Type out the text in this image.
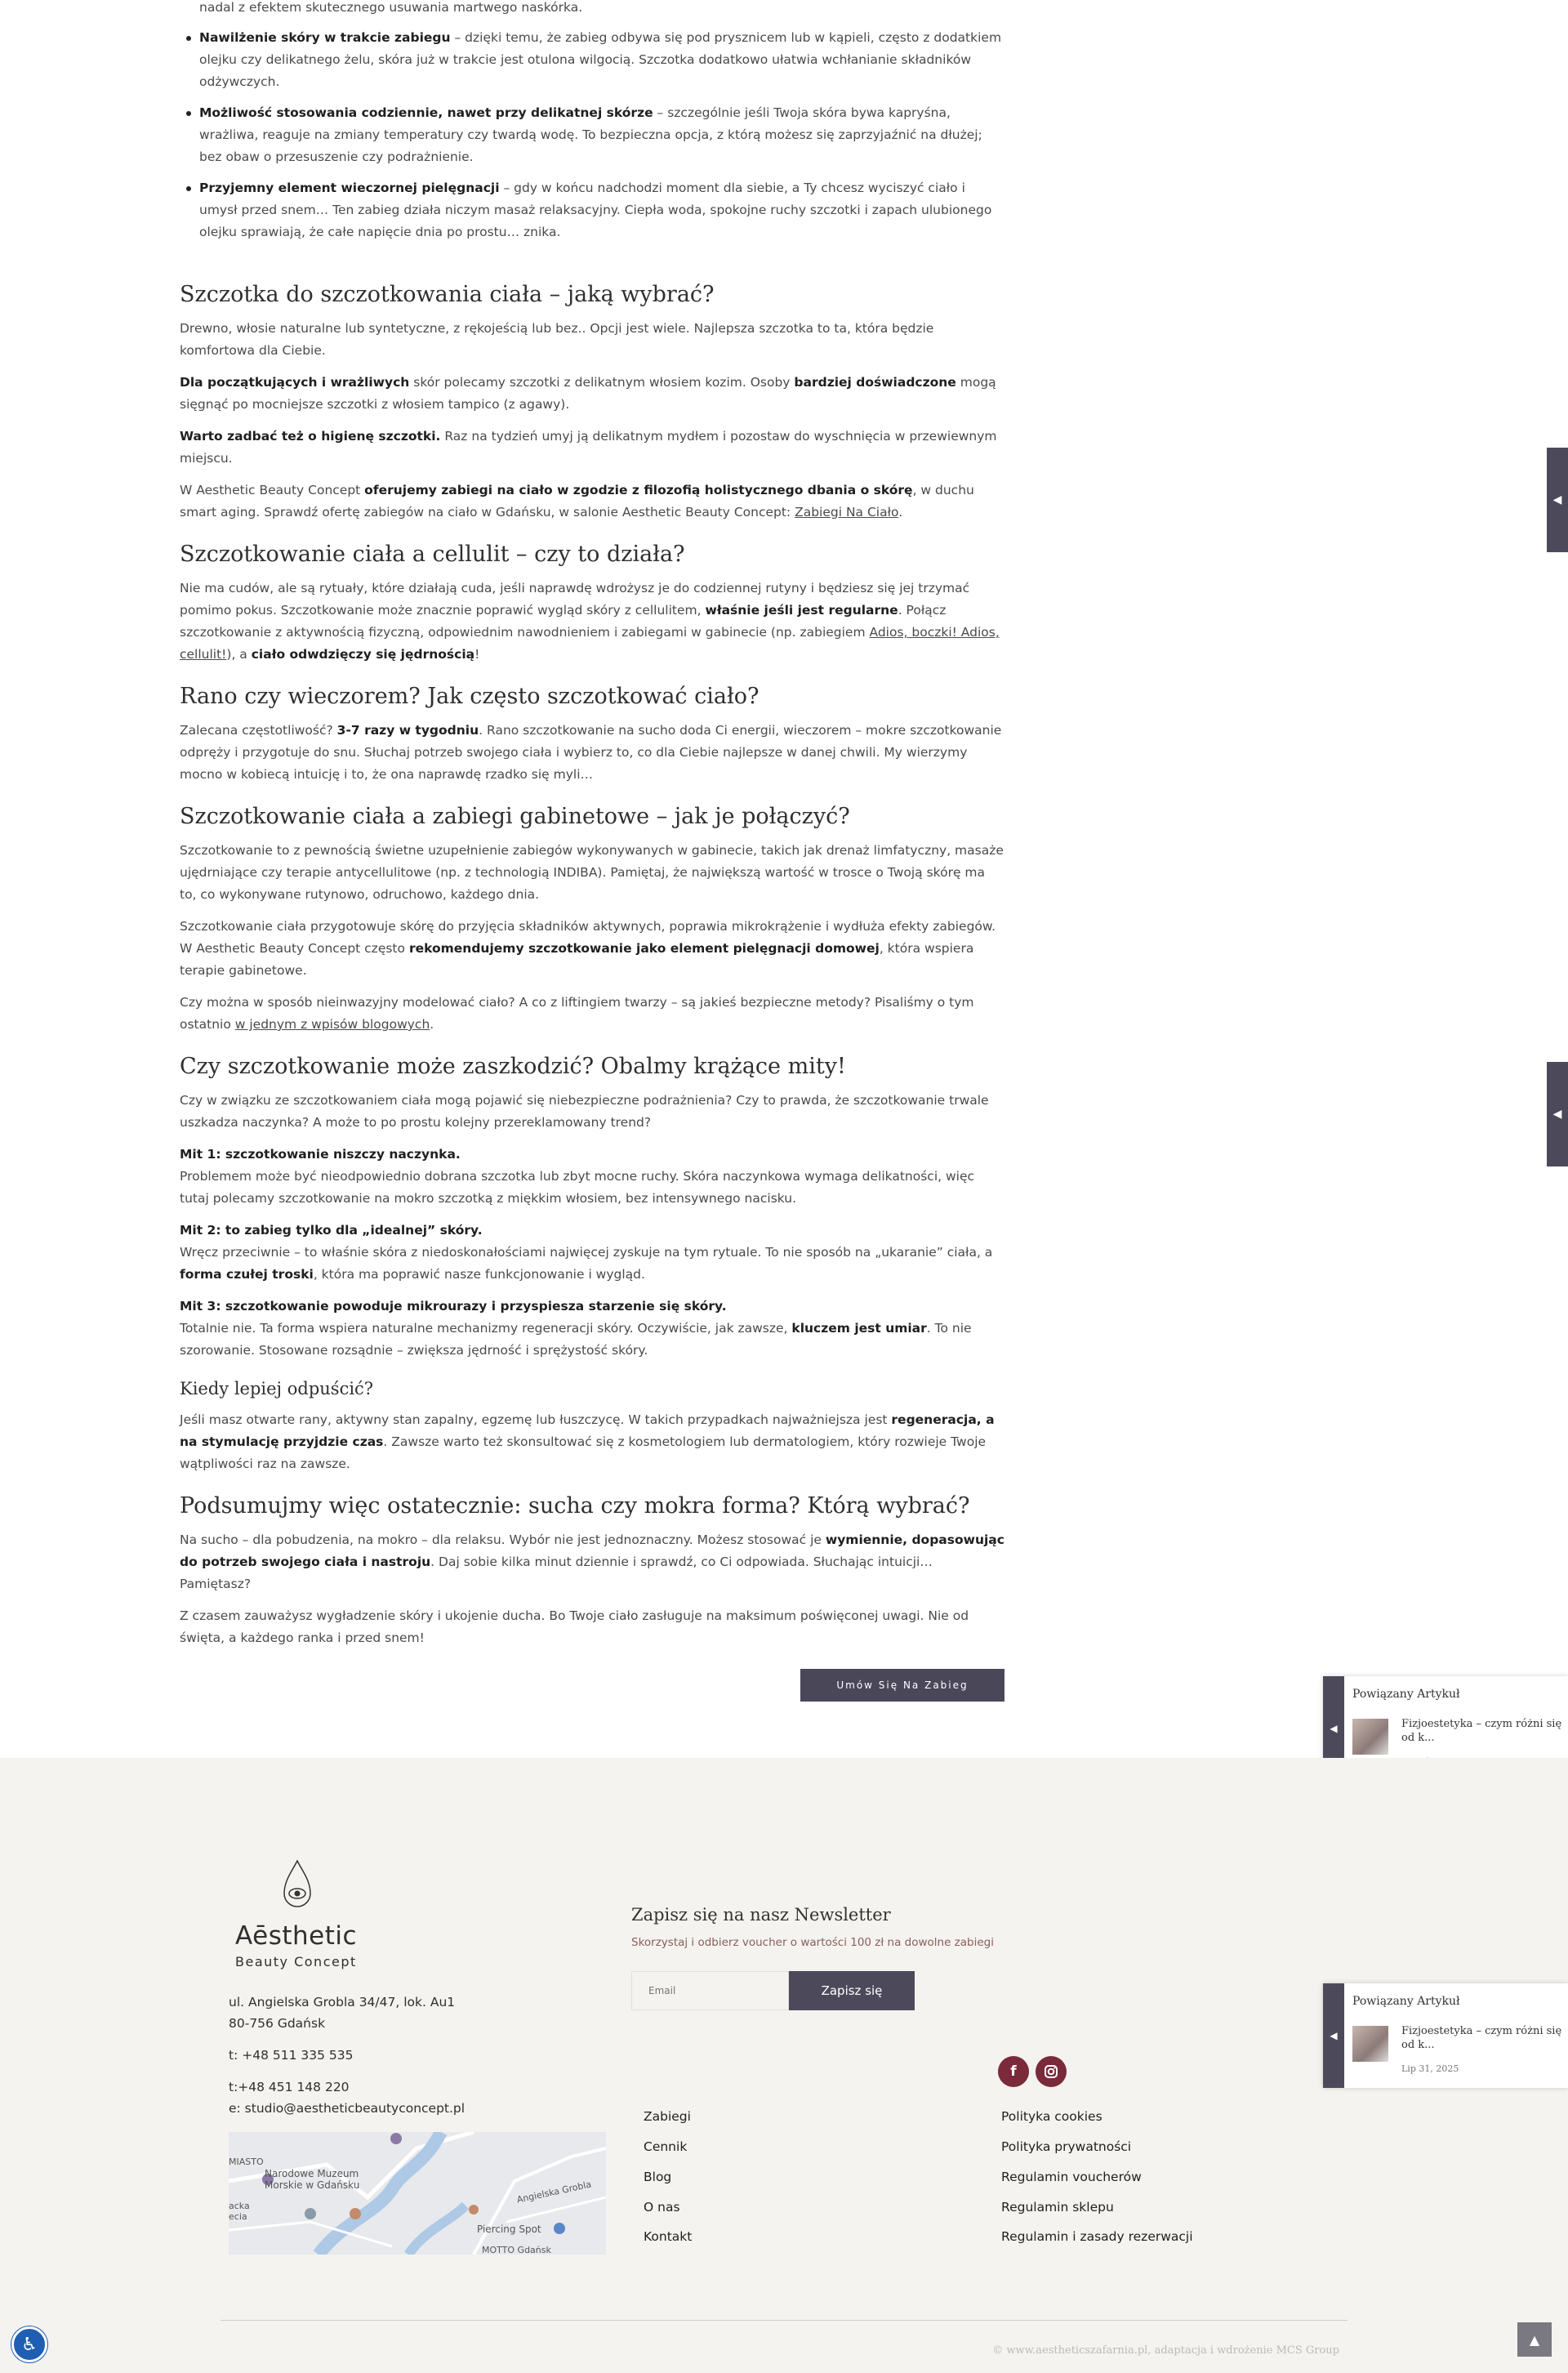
nadal z efektem skutecznego usuwania martwego naskórka.

Nawilżenie skóry w trakcie zabiegu – dzięki temu, że zabieg odbywa się pod prysznicem lub w kąpieli, często z dodatkiem olejku czy delikatnego żelu, skóra już w trakcie jest otulona wilgocią. Szczotka dodatkowo ułatwia wchłanianie składników odżywczych.
Możliwość stosowania codziennie, nawet przy delikatnej skórze – szczególnie jeśli Twoja skóra bywa kapryśna, wrażliwa, reaguje na zmiany temperatury czy twardą wodę. To bezpieczna opcja, z którą możesz się zaprzyjaźnić na dłużej; bez obaw o przesuszenie czy podrażnienie.
Przyjemny element wieczornej pielęgnacji – gdy w końcu nadchodzi moment dla siebie, a Ty chcesz wyciszyć ciało i umysł przed snem… Ten zabieg działa niczym masaż relaksacyjny. Ciepła woda, spokojne ruchy szczotki i zapach ulubionego olejku sprawiają, że całe napięcie dnia po prostu… znika.
Szczotka do szczotkowania ciała – jaką wybrać?

Drewno, włosie naturalne lub syntetyczne, z rękojeścią lub bez.. Opcji jest wiele. Najlepsza szczotka to ta, która będzie komfortowa dla Ciebie.

Dla początkujących i wrażliwych skór polecamy szczotki z delikatnym włosiem kozim. Osoby bardziej doświadczone mogą sięgnąć po mocniejsze szczotki z włosiem tampico (z agawy).

Warto zadbać też o higienę szczotki. Raz na tydzień umyj ją delikatnym mydłem i pozostaw do wyschnięcia w przewiewnym miejscu.

W Aesthetic Beauty Concept oferujemy zabiegi na ciało w zgodzie z filozofią holistycznego dbania o skórę, w duchu smart aging. Sprawdź ofertę zabiegów na ciało w Gdańsku, w salonie Aesthetic Beauty Concept: Zabiegi Na Ciało.

Szczotkowanie ciała a cellulit – czy to działa?

Nie ma cudów, ale są rytuały, które działają cuda, jeśli naprawdę wdrożysz je do codziennej rutyny i będziesz się jej trzymać pomimo pokus. Szczotkowanie może znacznie poprawić wygląd skóry z cellulitem, właśnie jeśli jest regularne. Połącz szczotkowanie z aktywnością fizyczną, odpowiednim nawodnieniem i zabiegami w gabinecie (np. zabiegiem Adios, boczki! Adios, cellulit!), a ciało odwdzięczy się jędrnością!

Rano czy wieczorem? Jak często szczotkować ciało?

Zalecana częstotliwość? 3-7 razy w tygodniu. Rano szczotkowanie na sucho doda Ci energii, wieczorem – mokre szczotkowanie odpręży i przygotuje do snu. Słuchaj potrzeb swojego ciała i wybierz to, co dla Ciebie najlepsze w danej chwili. My wierzymy mocno w kobiecą intuicję i to, że ona naprawdę rzadko się myli…

Szczotkowanie ciała a zabiegi gabinetowe – jak je połączyć?

Szczotkowanie to z pewnością świetne uzupełnienie zabiegów wykonywanych w gabinecie, takich jak drenaż limfatyczny, masaże ujędrniające czy terapie antycellulitowe (np. z technologią INDIBA). Pamiętaj, że największą wartość w trosce o Twoją skórę ma to, co wykonywane rutynowo, odruchowo, każdego dnia.

Szczotkowanie ciała przygotowuje skórę do przyjęcia składników aktywnych, poprawia mikrokrążenie i wydłuża efekty zabiegów. W Aesthetic Beauty Concept często rekomendujemy szczotkowanie jako element pielęgnacji domowej, która wspiera terapie gabinetowe.

Czy można w sposób nieinwazyjny modelować ciało? A co z liftingiem twarzy – są jakieś bezpieczne metody? Pisaliśmy o tym ostatnio w jednym z wpisów blogowych.

Czy szczotkowanie może zaszkodzić? Obalmy krążące mity!

Czy w związku ze szczotkowaniem ciała mogą pojawić się niebezpieczne podrażnienia? Czy to prawda, że szczotkowanie trwale uszkadza naczynka? A może to po prostu kolejny przereklamowany trend?

Mit 1: szczotkowanie niszczy naczynka.
Problemem może być nieodpowiednio dobrana szczotka lub zbyt mocne ruchy. Skóra naczynkowa wymaga delikatności, więc tutaj polecamy szczotkowanie na mokro szczotką z miękkim włosiem, bez intensywnego nacisku.

Mit 2: to zabieg tylko dla „idealnej” skóry.
Wręcz przeciwnie – to właśnie skóra z niedoskonałościami najwięcej zyskuje na tym rytuale. To nie sposób na „ukaranie” ciała, a forma czułej troski, która ma poprawić nasze funkcjonowanie i wygląd.

Mit 3: szczotkowanie powoduje mikrourazy i przyspiesza starzenie się skóry.
Totalnie nie. Ta forma wspiera naturalne mechanizmy regeneracji skóry. Oczywiście, jak zawsze, kluczem jest umiar. To nie szorowanie. Stosowane rozsądnie – zwiększa jędrność i sprężystość skóry.

Kiedy lepiej odpuścić?

Jeśli masz otwarte rany, aktywny stan zapalny, egzemę lub łuszczycę. W takich przypadkach najważniejsza jest regeneracja, a na stymulację przyjdzie czas. Zawsze warto też skonsultować się z kosmetologiem lub dermatologiem, który rozwieje Twoje wątpliwości raz na zawsze.

Podsumujmy więc ostatecznie: sucha czy mokra forma? Którą wybrać?

Na sucho – dla pobudzenia, na mokro – dla relaksu. Wybór nie jest jednoznaczny. Możesz stosować je wymiennie, dopasowując do potrzeb swojego ciała i nastroju. Daj sobie kilka minut dziennie i sprawdź, co Ci odpowiada. Słuchając intuicji… Pamiętasz?

Z czasem zauważysz wygładzenie skóry i ukojenie ducha. Bo Twoje ciało zasługuje na maksimum poświęconej uwagi. Nie od święta, a każdego ranka i przed snem!

Umów Się Na Zabieg
◀
◀
◀
Powiązany Artykuł
Fizjoestetyka – czym różni się od k...
Aēsthetic
Beauty Concept
ul. Angielska Grobla 34/47, lok. Au1
80-756 Gdańsk
t: +48 511 335 535
t:+48 451 148 220
e: studio@aestheticbeautyconcept.pl
MIASTO
Narodowe Muzeum Morskie w Gdańsku
acka ecia
Angielska Grobla
Piercing Spot
MOTTO Gdańsk
Zapisz się na nasz Newsletter
Skorzystaj i odbierz voucher o wartości 100 zł na dowolne zabiegi
Email
Zapisz się
f
Zabiegi
Cennik
Blog
O nas
Kontakt
Polityka cookies
Polityka prywatności
Regulamin voucherów
Regulamin sklepu
Regulamin i zasady rezerwacji
◀
Powiązany Artykuł
Fizjoestetyka – czym różni się od k...
Lip 31, 2025
© www.aestheticszafarnia.pl, adaptacja i wdrożenie MCS Group
▲
♿
